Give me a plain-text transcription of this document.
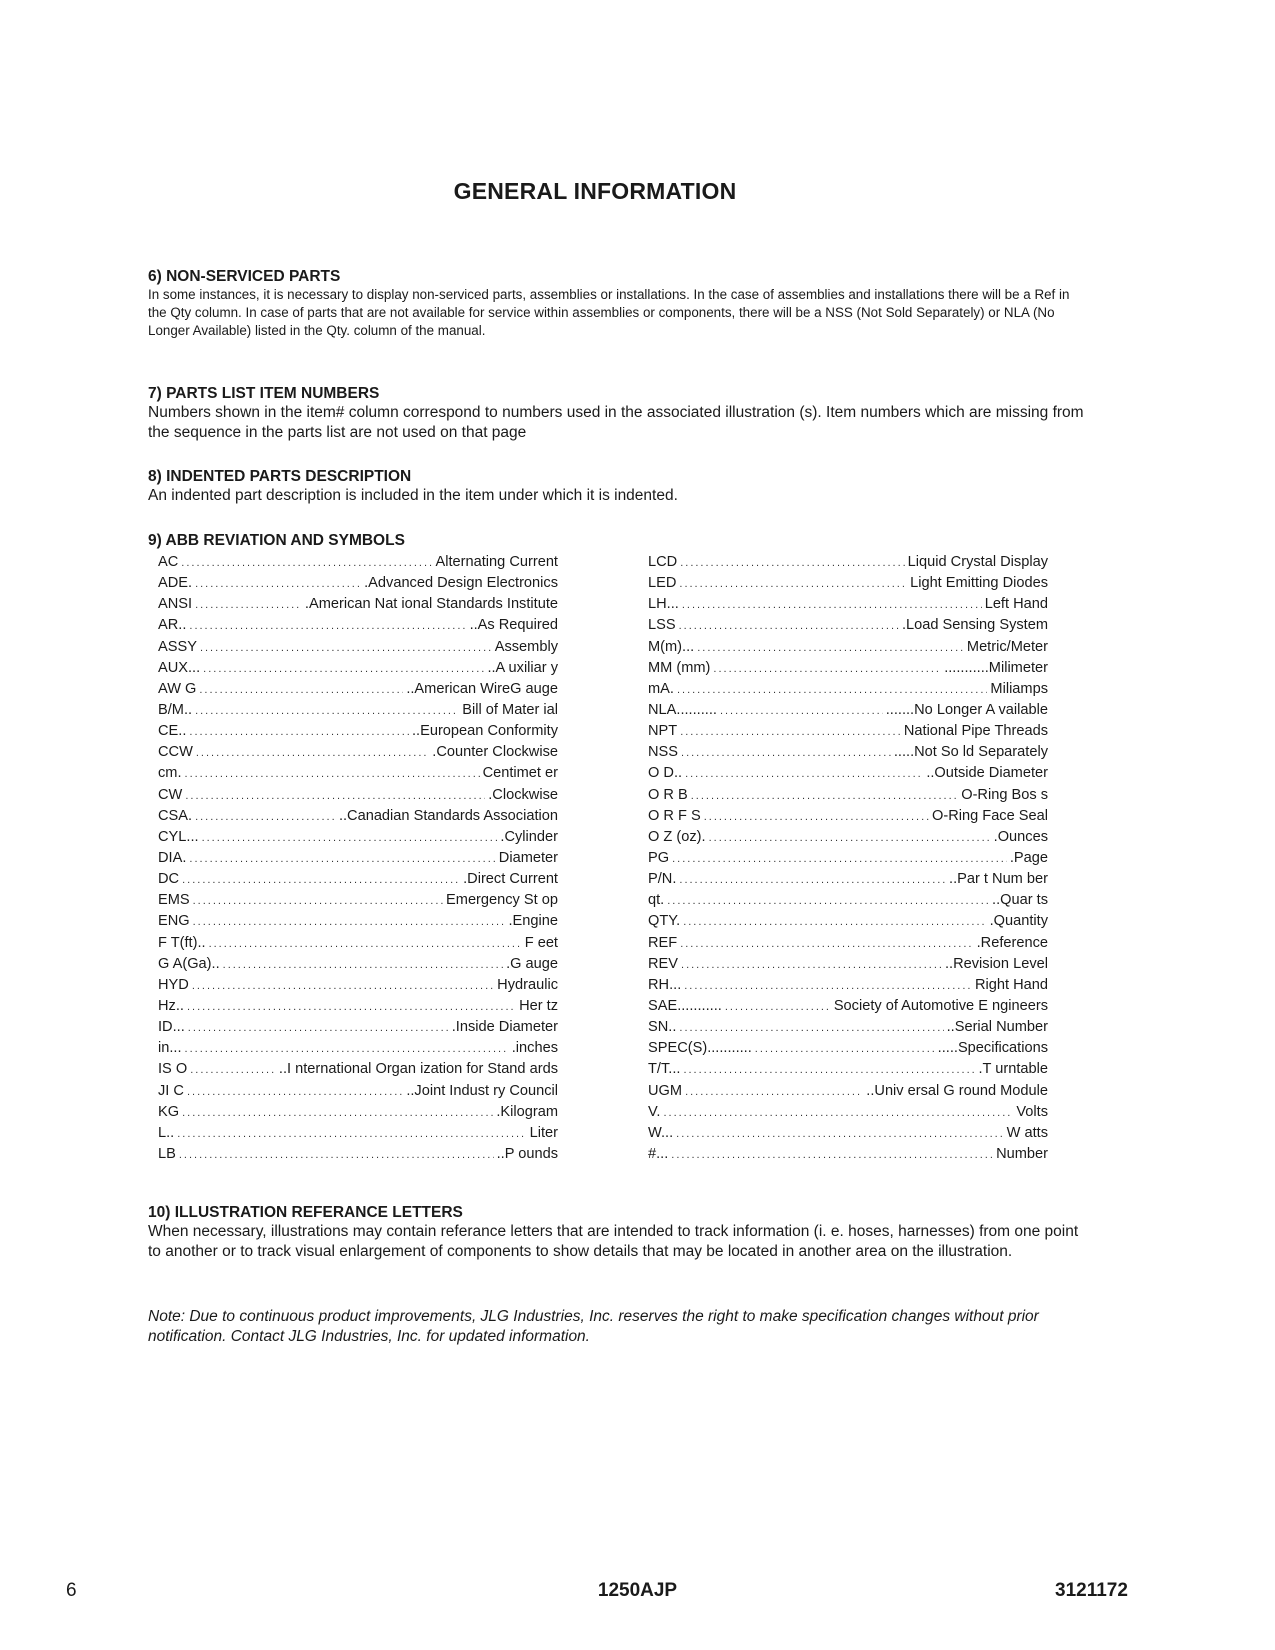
GENERAL INFORMATION
6) NON-SERVICED PARTS

In some instances, it is necessary to display non-serviced parts, assemblies or installations. In the case of assemblies and installations there will be a Ref in the Qty column. In case of parts that are not available for service within assemblies or components, there will be a NSS (Not Sold Separately) or NLA (No Longer Available) listed in the Qty. column of the manual.

7) PARTS LIST ITEM NUMBERS

Numbers shown in the item# column correspond to numbers used in the associated illustration (s). Item numbers which are missing from the sequence in the parts list are not used on that page

8) INDENTED PARTS DESCRIPTION

An indented part description is included in the item under which it is indented.

9) ABB REVIATION AND SYMBOLS
AC .....	Alternating Current
ADE. .....	.Advanced Design Electronics
ANSI .....	.American Nat ional Standards Institute
AR.. .....	..As Required
ASSY .....	Assembly
AUX... .....	..A uxiliar y
AW G .....	..American WireG auge
B/M.. .....	Bill of Mater ial
CE.. .....	..European Conformity
CCW .....	.Counter Clockwise
cm. .....	Centimet er
CW .....	.Clockwise
CSA. .....	..Canadian Standards Association
CYL... .....	.Cylinder
DIA. .....	Diameter
DC .....	.Direct Current
EMS .....	Emergency St op
ENG .....	.Engine
F T(ft).. .....	F eet
G A(Ga).. .....	.G auge
HYD .....	Hydraulic
Hz.. .....	Her tz
ID... .....	.Inside Diameter
in... .....	.inches
IS O .....	..I nternational Organ ization for Stand ards
JI C .....	..Joint Indust ry Council
KG .....	.Kilogram
L.. .....	Liter
LB .....	..P ounds
LCD .....	Liquid Crystal Display
LED .....	Light Emitting Diodes
LH... .....	Left Hand
LSS .....	.Load Sensing System
M(m)... .....	Metric/Meter
MM (mm) .....	...........Milimeter
mA. .....	Miliamps
NLA.......... .....	.......No Longer A vailable
NPT .....	National Pipe Threads
NSS .....	.....Not So ld Separately
O D.. .....	..Outside Diameter
O R B .....	O-Ring Bos s
O R F S .....	O-Ring Face Seal
O Z (oz). .....	.Ounces
PG .....	.Page
P/N. .....	..Par t Num ber
qt. .....	..Quar ts
QTY. .....	.Quantity
REF .....	.Reference
REV .....	..Revision Level
RH... .....	Right Hand
SAE........... .....	Society of Automotive E ngineers
SN.. .....	..Serial Number
SPEC(S)........... .....	.....Specifications
T/T... .....	.T urntable
UGM .....	..Univ ersal G round Module
V. .....	Volts
W... .....	W atts
#... .....	Number
10) ILLUSTRATION REFERANCE LETTERS

When necessary, illustrations may contain referance letters that are intended to track information (i. e. hoses, harnesses) from one point to another or to track visual enlargement of components to show details that may be located in another area on the illustration.

Note: Due to continuous product improvements, JLG Industries, Inc. reserves the right to make specification changes without prior notification. Contact JLG Industries, Inc. for updated information.
6	1250AJP	3121172
